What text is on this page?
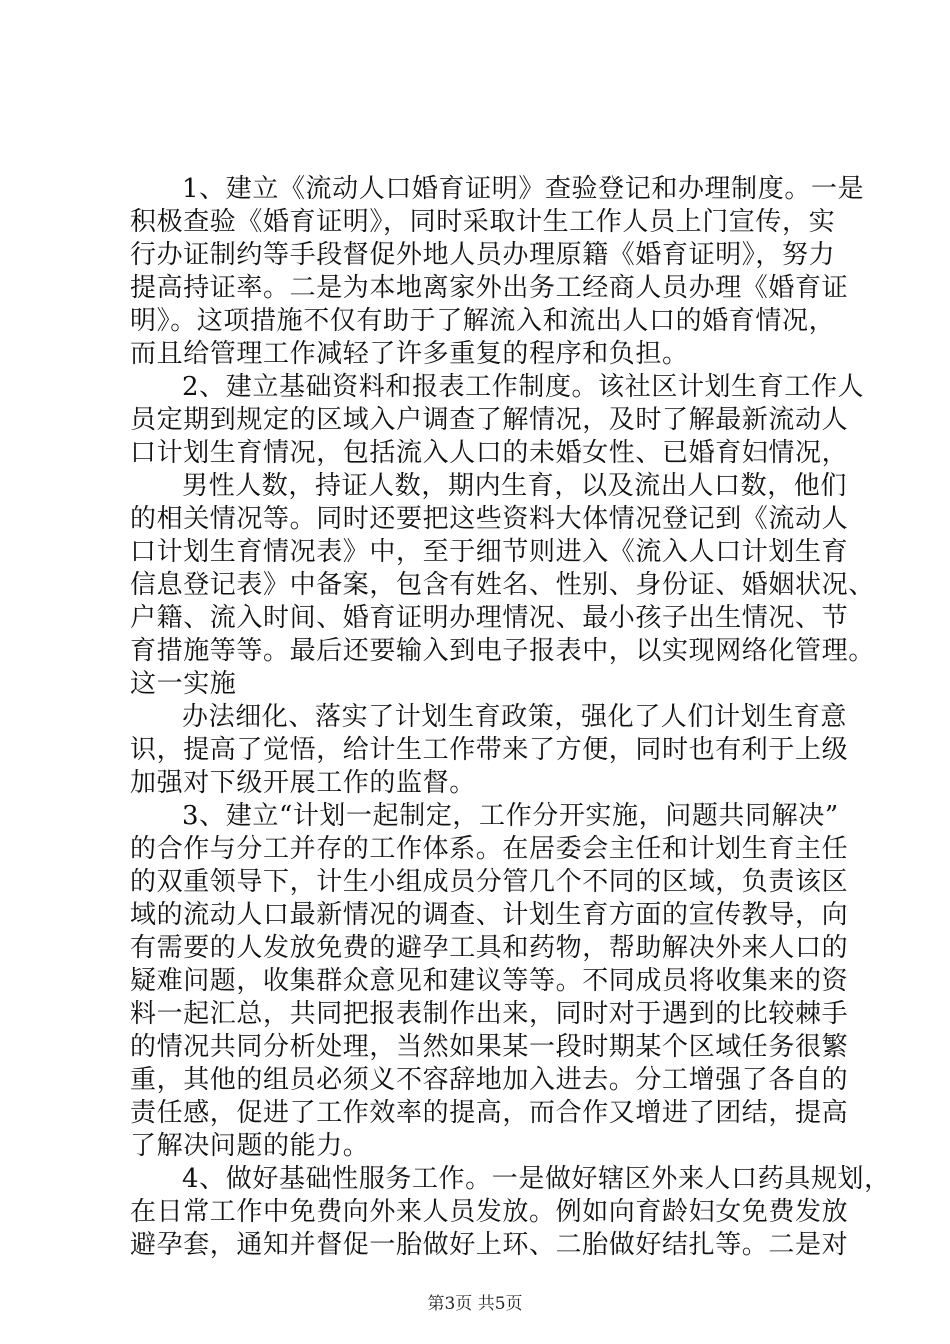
1、建立《流动人口婚育证明》查验登记和办理制度。一是
积极查验《婚育证明》，同时采取计生工作人员上门宣传，实
行办证制约等手段督促外地人员办理原籍《婚育证明》，努力
提高持证率。二是为本地离家外出务工经商人员办理《婚育证
明》。这项措施不仅有助于了解流入和流出人口的婚育情况，
而且给管理工作减轻了许多重复的程序和负担。
2、建立基础资料和报表工作制度。该社区计划生育工作人
员定期到规定的区域入户调查了解情况，及时了解最新流动人
口计划生育情况，包括流入人口的未婚女性、已婚育妇情况，
男性人数，持证人数，期内生育，以及流出人口数，他们
的相关情况等。同时还要把这些资料大体情况登记到《流动人
口计划生育情况表》中，至于细节则进入《流入人口计划生育
信息登记表》中备案，包含有姓名、性别、身份证、婚姻状况、
户籍、流入时间、婚育证明办理情况、最小孩子出生情况、节
育措施等等。最后还要输入到电子报表中，以实现网络化管理。
这一实施
办法细化、落实了计划生育政策，强化了人们计划生育意
识，提高了觉悟，给计生工作带来了方便，同时也有利于上级
加强对下级开展工作的监督。
3、建立“计划一起制定，工作分开实施，问题共同解决”
的合作与分工并存的工作体系。在居委会主任和计划生育主任
的双重领导下，计生小组成员分管几个不同的区域，负责该区
域的流动人口最新情况的调查、计划生育方面的宣传教导，向
有需要的人发放免费的避孕工具和药物，帮助解决外来人口的
疑难问题，收集群众意见和建议等等。不同成员将收集来的资
料一起汇总，共同把报表制作出来，同时对于遇到的比较棘手
的情况共同分析处理，当然如果某一段时期某个区域任务很繁
重，其他的组员必须义不容辞地加入进去。分工增强了各自的
责任感，促进了工作效率的提高，而合作又增进了团结，提高
了解决问题的能力。
4、做好基础性服务工作。一是做好辖区外来人口药具规划，
在日常工作中免费向外来人员发放。例如向育龄妇女免费发放
避孕套，通知并督促一胎做好上环、二胎做好结扎等。二是对
第3页 共5页
